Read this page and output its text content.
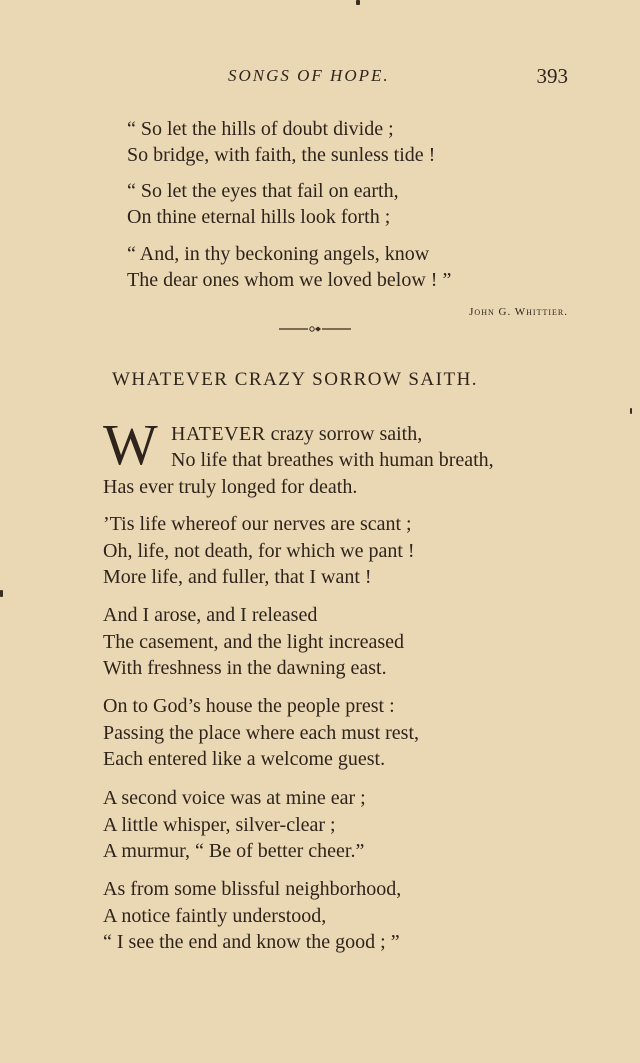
SONGS OF HOPE.	393
“ So let the hills of doubt divide ;
So bridge, with faith, the sunless tide !
“ So let the eyes that fail on earth,
On thine eternal hills look forth ;
“ And, in thy beckoning angels, know
The dear ones whom we loved below ! ”
John G. Whittier.
WHATEVER CRAZY SORROW SAITH.
W HATEVER crazy sorrow saith,
No life that breathes with human breath,
Has ever truly longed for death.
’Tis life whereof our nerves are scant ;
Oh, life, not death, for which we pant !
More life, and fuller, that I want !
And I arose, and I released
The casement, and the light increased
With freshness in the dawning east.
On to God’s house the people prest :
Passing the place where each must rest,
Each entered like a welcome guest.
A second voice was at mine ear ;
A little whisper, silver-clear ;
A murmur, “ Be of better cheer.”
As from some blissful neighborhood,
A notice faintly understood,
“ I see the end and know the good ; ”
